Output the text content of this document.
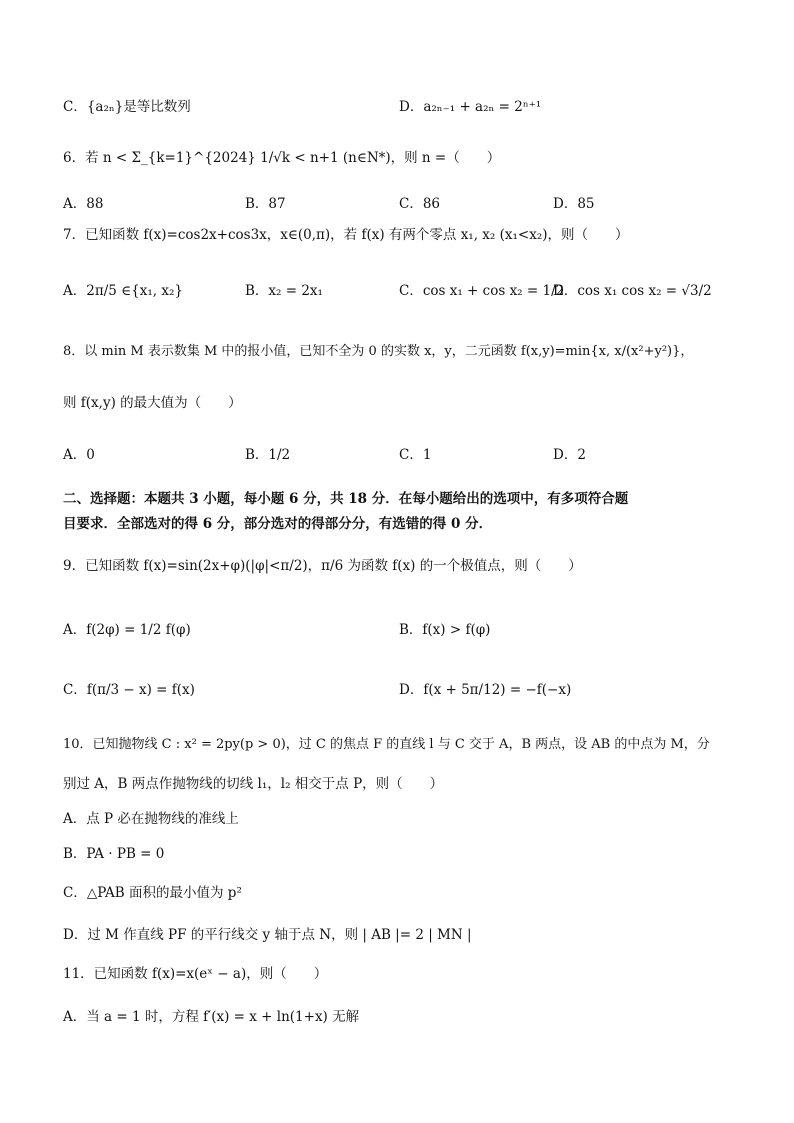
C．{a₂ₙ}是等比数列	D．a₂ₙ₋₁ + a₂ₙ = 2ⁿ⁺¹
6．若 n < Σ_{k=1}^{2024} 1/√k < n+1 (n∈N*)，则 n =（　　）
A．88	B．87	C．86	D．85
7．已知函数 f(x)=cos2x+cos3x，x∈(0,π)，若 f(x) 有两个零点 x₁, x₂ (x₁<x₂)，则（　　）
A．2π/5 ∈{x₁, x₂}	B．x₂ = 2x₁	C．cos x₁ + cos x₂ = 1/2
D．cos x₁ cos x₂ = √3/2
8．以 min M 表示数集 M 中的报小值，已知不全为 0 的实数 x，y，二元函数 f(x,y)=min{x, x/(x²+y²)}，
则 f(x,y) 的最大值为（　　）
A．0	B．1/2	C．1	D．2
二、选择题：本题共 3 小题，每小题 6 分，共 18 分．在每小题给出的选项中，有多项符合题
目要求．全部选对的得 6 分，部分选对的得部分分，有选错的得 0 分．
9．已知函数 f(x)=sin(2x+φ)(|φ|<π/2)，π/6 为函数 f(x) 的一个极值点，则（　　）
A．f(2φ) = 1/2 f(φ)	B．f(x) > f(φ)
C．f(π/3 − x) = f(x)	D．f(x + 5π/12) = −f(−x)
10．已知抛物线 C : x² = 2py(p > 0)，过 C 的焦点 F 的直线 l 与 C 交于 A，B 两点，设 AB 的中点为 M，分
别过 A，B 两点作抛物线的切线 l₁，l₂ 相交于点 P，则（　　）
A．点 P 必在抛物线的准线上
B．PA · PB = 0
C．△PAB 面积的最小值为 p²
D．过 M 作直线 PF 的平行线交 y 轴于点 N，则 | AB |= 2 | MN |
11．已知函数 f(x)=x(eˣ − a)，则（　　）
A．当 a = 1 时，方程 f′(x) = x + ln(1+x) 无解
